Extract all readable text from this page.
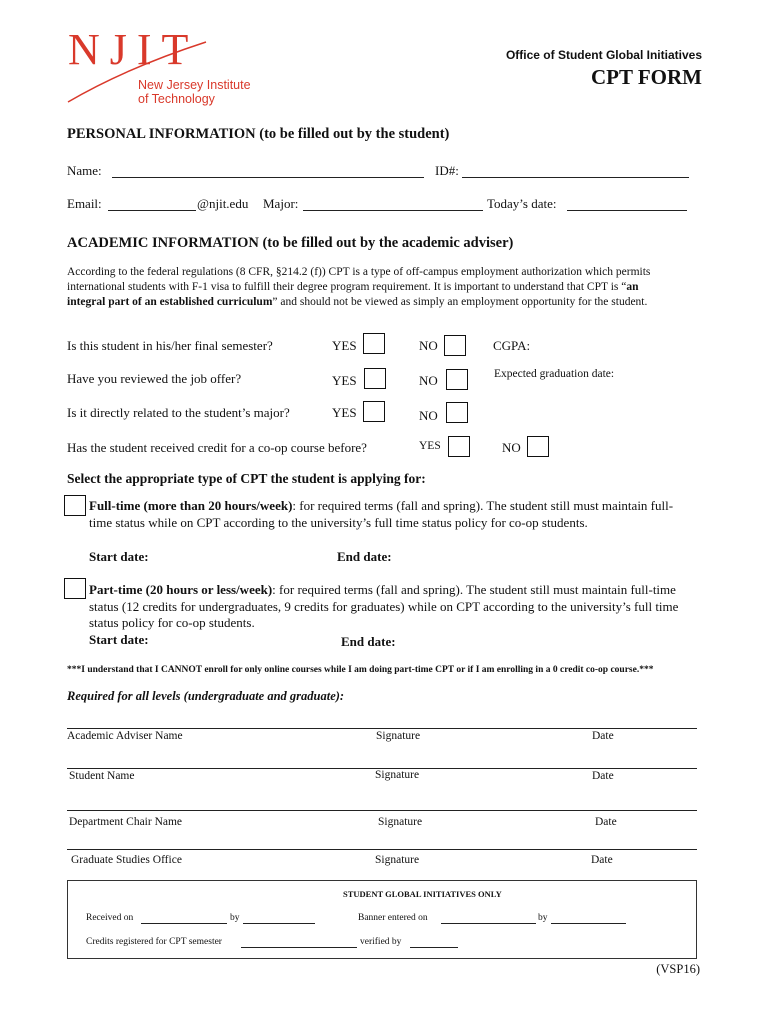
NJIT
New Jersey Institute
of Technology
Office of Student Global Initiatives
CPT FORM
PERSONAL INFORMATION (to be filled out by the student)
Name:	ID#:
Email:	@njit.edu Major:	Today’s date:
ACADEMIC INFORMATION (to be filled out by the academic adviser)
According to the federal regulations (8 CFR, §214.2 (f)) CPT is a type of off-campus employment authorization which permits international students with F-1 visa to fulfill their degree program requirement. It is important to understand that CPT is “an integral part of an established curriculum” and should not be viewed as simply an employment opportunity for the student.
Is this student in his/her final semester?	YES	NO	CGPA:
Have you reviewed the job offer?	YES	NO	Expected graduation date:
Is it directly related to the student’s major?	YES	NO
Has the student received credit for a co-op course before?	YES	NO
Select the appropriate type of CPT the student is applying for:
Full-time (more than 20 hours/week): for required terms (fall and spring). The student still must maintain full-time status while on CPT according to the university’s full time status policy for co-op students.
Start date:	End date:
Part-time (20 hours or less/week): for required terms (fall and spring). The student still must maintain full-time status (12 credits for undergraduates, 9 credits for graduates) while on CPT according to the university’s full time status policy for co-op students.
Start date:	End date:
***I understand that I CANNOT enroll for only online courses while I am doing part-time CPT or if I am enrolling in a 0 credit co-op course.***
Required for all levels (undergraduate and graduate):
Academic Adviser Name	Signature	Date
Student Name	Signature	Date
Department Chair Name	Signature	Date
Graduate Studies Office	Signature	Date
STUDENT GLOBAL INITIATIVES ONLY
Received on	by	Banner entered on	by
Credits registered for CPT semester	verified by
(VSP16)
